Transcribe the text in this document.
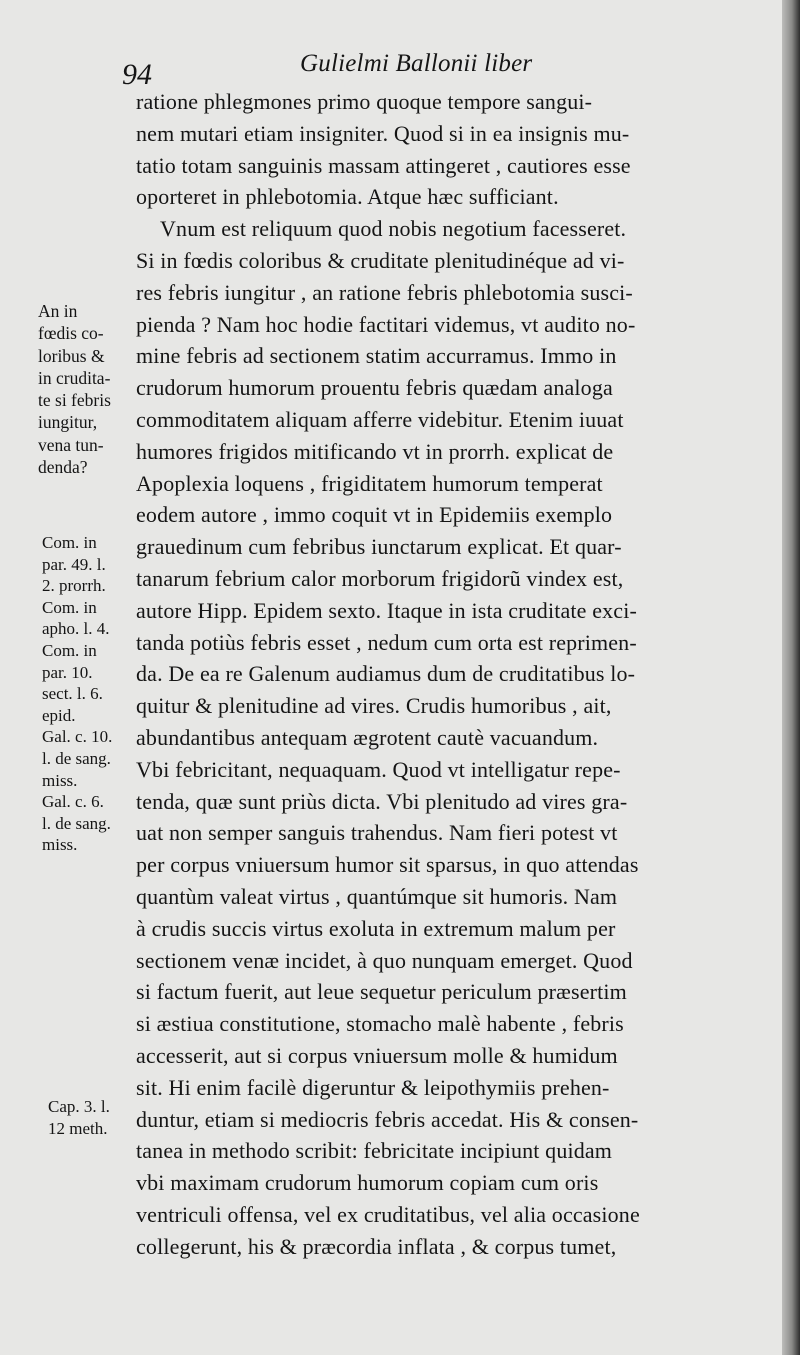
94	Gulielmi Ballonii liber
ratione phlegmones primo quoque tempore sangui-
nem mutari etiam insigniter. Quod si in ea insignis mu-
tatio totam sanguinis massam attingeret , cautiores esse
oporteret in phlebotomia. Atque hæc sufficiant.
Vnum est reliquum quod nobis negotium facesseret.
Si in fœdis coloribus & cruditate plenitudinéque ad vi-
res febris iungitur , an ratione febris phlebotomia susci-
pienda ? Nam hoc hodie factitari videmus, vt audito no-
mine febris ad sectionem statim accurramus. Immo in
crudorum humorum prouentu febris quædam analoga
commoditatem aliquam afferre videbitur. Etenim iuuat
humores frigidos mitificando vt in prorrh. explicat de
Apoplexia loquens , frigiditatem humorum temperat
eodem autore , immo coquit vt in Epidemiis exemplo
grauedinum cum febribus iunctarum explicat. Et quar-
tanarum febrium calor morborum frigidorũ vindex est,
autore Hipp. Epidem sexto. Itaque in ista cruditate exci-
tanda potiùs febris esset , nedum cum orta est reprimen-
da. De ea re Galenum audiamus dum de cruditatibus lo-
quitur & plenitudine ad vires. Crudis humoribus , ait,
abundantibus antequam ægrotent cautè vacuandum.
Vbi febricitant, nequaquam. Quod vt intelligatur repe-
tenda, quæ sunt priùs dicta. Vbi plenitudo ad vires gra-
uat non semper sanguis trahendus. Nam fieri potest vt
per corpus vniuersum humor sit sparsus, in quo attendas
quantùm valeat virtus , quantúmque sit humoris. Nam
à crudis succis virtus exoluta in extremum malum per
sectionem venæ incidet, à quo nunquam emerget. Quod
si factum fuerit, aut leue sequetur periculum præsertim
si æstiua constitutione, stomacho malè habente , febris
accesserit, aut si corpus vniuersum molle & humidum
sit. Hi enim facilè digeruntur & leipothymiis prehen-
duntur, etiam si mediocris febris accedat. His & consen-
tanea in methodo scribit: febricitate incipiunt quidam
vbi maximam crudorum humorum copiam cum oris
ventriculi offensa, vel ex cruditatibus, vel alia occasione
collegerunt, his & præcordia inflata , & corpus tumet,
An in
fœdis co-
loribus &
in crudita-
te si febris
iungitur,
vena tun-
denda?
Com. in
par. 49. l.
2. prorrh.
Com. in
apho. l. 4.
Com. in
par. 10.
sect. l. 6.
epid.
Gal. c. 10.
l. de sang.
miss.
Gal. c. 6.
l. de sang.
miss.
Cap. 3. l.
12 meth.
